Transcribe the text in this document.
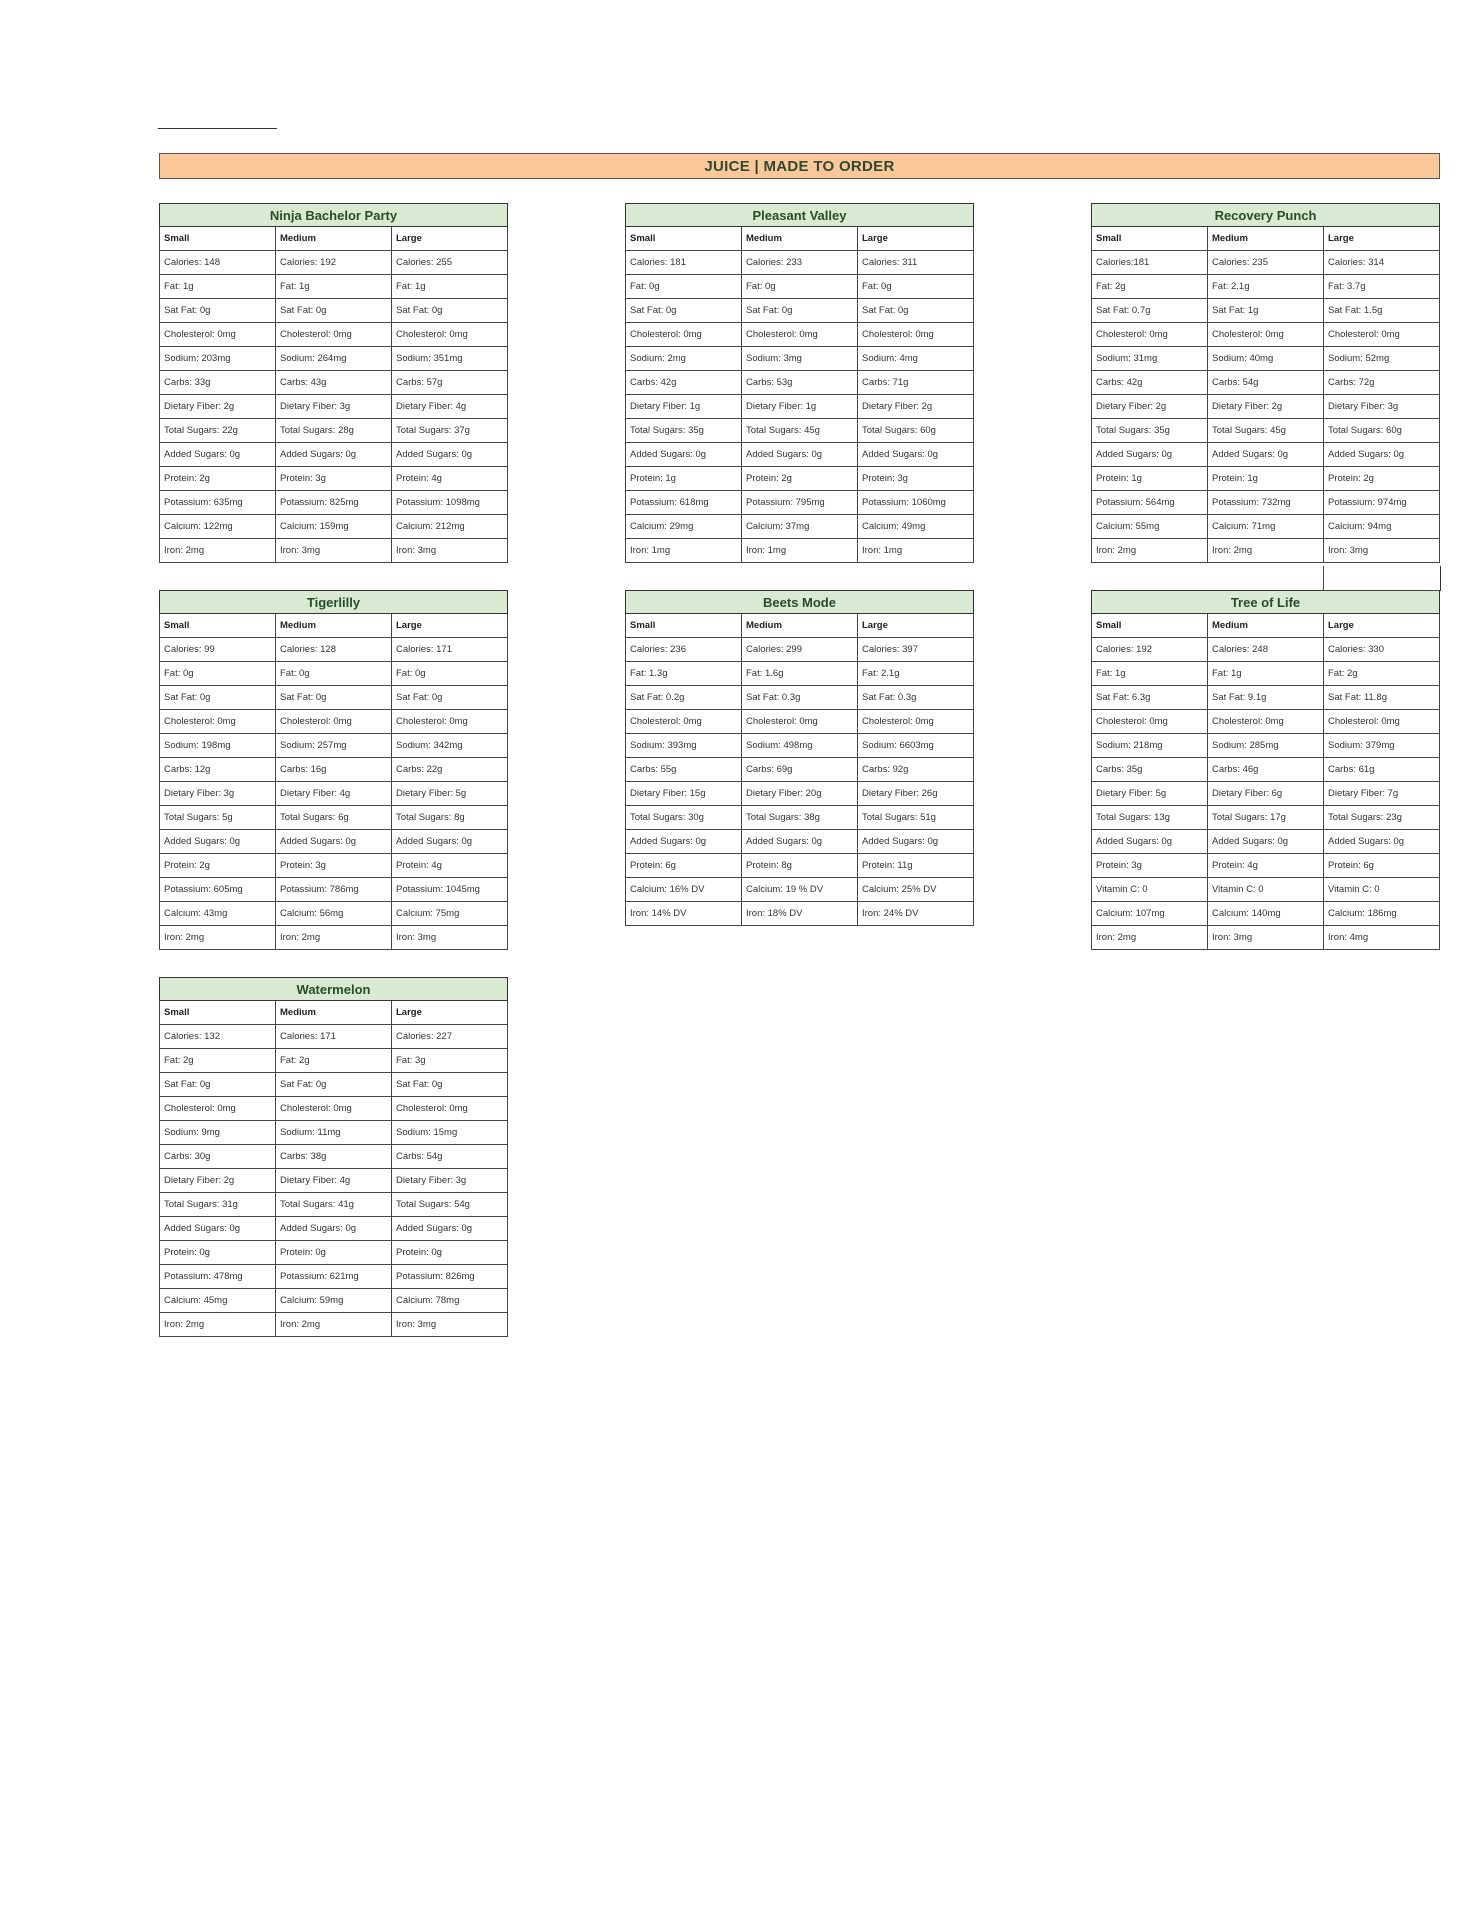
JUICE | MADE TO ORDER
Ninja Bachelor Party		
Small	Medium	Large
Calories: 148	Calories: 192	Calories: 255
Fat: 1g	Fat: 1g	Fat: 1g
Sat Fat: 0g	Sat Fat: 0g	Sat Fat: 0g
Cholesterol: 0mg	Cholesterol: 0mg	Cholesterol: 0mg
Sodium: 203mg	Sodium: 264mg	Sodium: 351mg
Carbs: 33g	Carbs: 43g	Carbs: 57g
Dietary Fiber: 2g	Dietary Fiber: 3g	Dietary Fiber: 4g
Total Sugars: 22g	Total Sugars: 28g	Total Sugars: 37g
Added Sugars: 0g	Added Sugars: 0g	Added Sugars: 0g
Protein: 2g	Protein: 3g	Protein: 4g
Potassium: 635mg	Potassium: 825mg	Potassium: 1098mg
Calcium: 122mg	Calcium: 159mg	Calcium: 212mg
Iron: 2mg	Iron: 3mg	Iron: 3mg
Pleasant Valley		
Small	Medium	Large
Calories: 181	Calories: 233	Calories: 311
Fat: 0g	Fat: 0g	Fat: 0g
Sat Fat: 0g	Sat Fat: 0g	Sat Fat: 0g
Cholesterol: 0mg	Cholesterol: 0mg	Cholesterol: 0mg
Sodium: 2mg	Sodium: 3mg	Sodium: 4mg
Carbs: 42g	Carbs: 53g	Carbs: 71g
Dietary Fiber: 1g	Dietary Fiber: 1g	Dietary Fiber: 2g
Total Sugars: 35g	Total Sugars: 45g	Total Sugars: 60g
Added Sugars: 0g	Added Sugars: 0g	Added Sugars: 0g
Protein: 1g	Protein: 2g	Protein: 3g
Potassium: 618mg	Potassium: 795mg	Potassium: 1060mg
Calcium: 29mg	Calcium: 37mg	Calcium: 49mg
Iron: 1mg	Iron: 1mg	Iron: 1mg
Recovery Punch		
Small	Medium	Large
Calories:181	Calories: 235	Calories: 314
Fat: 2g	Fat: 2.1g	Fat: 3.7g
Sat Fat: 0.7g	Sat Fat: 1g	Sat Fat: 1.5g
Cholesterol: 0mg	Cholesterol: 0mg	Cholesterol: 0mg
Sodium: 31mg	Sodium: 40mg	Sodium: 52mg
Carbs: 42g	Carbs: 54g	Carbs: 72g
Dietary Fiber: 2g	Dietary Fiber: 2g	Dietary Fiber: 3g
Total Sugars: 35g	Total Sugars: 45g	Total Sugars: 60g
Added Sugars: 0g	Added Sugars: 0g	Added Sugars: 0g
Protein: 1g	Protein: 1g	Protein: 2g
Potassium: 564mg	Potassium: 732mg	Potassium: 974mg
Calcium: 55mg	Calcium: 71mg	Calcium: 94mg
Iron: 2mg	Iron: 2mg	Iron: 3mg
Tigerlilly		
Small	Medium	Large
Calories: 99	Calories: 128	Calories: 171
Fat: 0g	Fat: 0g	Fat: 0g
Sat Fat: 0g	Sat Fat: 0g	Sat Fat: 0g
Cholesterol: 0mg	Cholesterol: 0mg	Cholesterol: 0mg
Sodium: 198mg	Sodium: 257mg	Sodium: 342mg
Carbs: 12g	Carbs: 16g	Carbs: 22g
Dietary Fiber: 3g	Dietary Fiber: 4g	Dietary Fiber: 5g
Total Sugars: 5g	Total Sugars: 6g	Total Sugars: 8g
Added Sugars: 0g	Added Sugars: 0g	Added Sugars: 0g
Protein: 2g	Protein: 3g	Protein: 4g
Potassium: 605mg	Potassium: 786mg	Potassium: 1045mg
Calcium: 43mg	Calcium: 56mg	Calcium: 75mg
Iron: 2mg	Iron: 2mg	Iron: 3mg
Beets Mode		
Small	Medium	Large
Calories: 236	Calories: 299	Calories: 397
Fat: 1.3g	Fat: 1.6g	Fat: 2.1g
Sat Fat: 0.2g	Sat Fat: 0.3g	Sat Fat: 0.3g
Cholesterol: 0mg	Cholesterol: 0mg	Cholesterol: 0mg
Sodium: 393mg	Sodium: 498mg	Sodium: 6603mg
Carbs: 55g	Carbs: 69g	Carbs: 92g
Dietary Fiber: 15g	Dietary Fiber: 20g	Dietary Fiber: 26g
Total Sugars: 30g	Total Sugars: 38g	Total Sugars: 51g
Added Sugars: 0g	Added Sugars: 0g	Added Sugars: 0g
Protein: 6g	Protein: 8g	Protein: 11g
Calcium: 16% DV	Calcium: 19 % DV	Calcium: 25% DV
Iron: 14% DV	Iron: 18% DV	Iron: 24% DV
Tree of Life		
Small	Medium	Large
Calories: 192	Calories: 248	Calories: 330
Fat: 1g	Fat: 1g	Fat: 2g
Sat Fat: 6.3g	Sat Fat: 9.1g	Sat Fat: 11.8g
Cholesterol: 0mg	Cholesterol: 0mg	Cholesterol: 0mg
Sodium: 218mg	Sodium: 285mg	Sodium: 379mg
Carbs: 35g	Carbs: 46g	Carbs: 61g
Dietary Fiber: 5g	Dietary Fiber: 6g	Dietary Fiber: 7g
Total Sugars: 13g	Total Sugars: 17g	Total Sugars: 23g
Added Sugars: 0g	Added Sugars: 0g	Added Sugars: 0g
Protein: 3g	Protein: 4g	Protein: 6g
Vitamin C: 0	Vitamin C: 0	Vitamin C: 0
Calcium: 107mg	Calcium: 140mg	Calcium: 186mg
Iron: 2mg	Iron: 3mg	Iron: 4mg
Watermelon		
Small	Medium	Large
Calories: 132	Calories: 171	Calories: 227
Fat: 2g	Fat: 2g	Fat: 3g
Sat Fat: 0g	Sat Fat: 0g	Sat Fat: 0g
Cholesterol: 0mg	Cholesterol: 0mg	Cholesterol: 0mg
Sodium: 9mg	Sodium: 11mg	Sodium: 15mg
Carbs: 30g	Carbs: 38g	Carbs: 54g
Dietary Fiber: 2g	Dietary Fiber: 4g	Dietary Fiber: 3g
Total Sugars: 31g	Total Sugars: 41g	Total Sugars: 54g
Added Sugars: 0g	Added Sugars: 0g	Added Sugars: 0g
Protein: 0g	Protein: 0g	Protein: 0g
Potassium: 478mg	Potassium: 621mg	Potassium: 826mg
Calcium: 45mg	Calcium: 59mg	Calcium: 78mg
Iron: 2mg	Iron: 2mg	Iron: 3mg
